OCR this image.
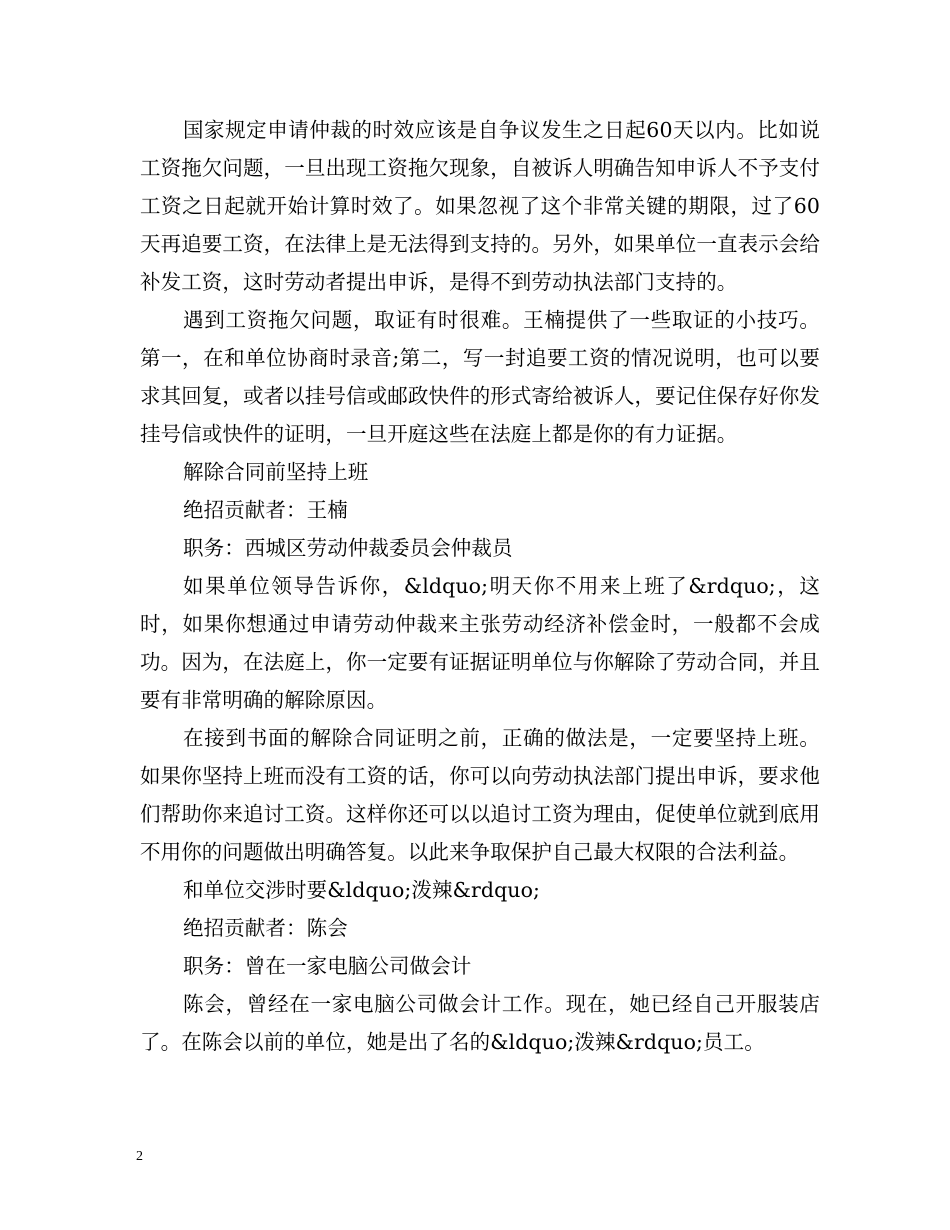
国家规定申请仲裁的时效应该是自争议发生之日起60天以内。比如说工资拖欠问题，一旦出现工资拖欠现象，自被诉人明确告知申诉人不予支付工资之日起就开始计算时效了。如果忽视了这个非常关键的期限，过了60天再追要工资，在法律上是无法得到支持的。另外，如果单位一直表示会给补发工资，这时劳动者提出申诉，是得不到劳动执法部门支持的。

遇到工资拖欠问题，取证有时很难。王楠提供了一些取证的小技巧。第一，在和单位协商时录音;第二，写一封追要工资的情况说明，也可以要求其回复，或者以挂号信或邮政快件的形式寄给被诉人，要记住保存好你发挂号信或快件的证明，一旦开庭这些在法庭上都是你的有力证据。

解除合同前坚持上班

绝招贡献者：王楠

职务：西城区劳动仲裁委员会仲裁员

如果单位领导告诉你，&ldquo;明天你不用来上班了&rdquo;，这时，如果你想通过申请劳动仲裁来主张劳动经济补偿金时，一般都不会成功。因为，在法庭上，你一定要有证据证明单位与你解除了劳动合同，并且要有非常明确的解除原因。

在接到书面的解除合同证明之前，正确的做法是，一定要坚持上班。如果你坚持上班而没有工资的话，你可以向劳动执法部门提出申诉，要求他们帮助你来追讨工资。这样你还可以以追讨工资为理由，促使单位就到底用不用你的问题做出明确答复。以此来争取保护自己最大权限的合法利益。

和单位交涉时要&ldquo;泼辣&rdquo;

绝招贡献者：陈会

职务：曾在一家电脑公司做会计

陈会，曾经在一家电脑公司做会计工作。现在，她已经自己开服装店了。在陈会以前的单位，她是出了名的&ldquo;泼辣&rdquo;员工。

2
